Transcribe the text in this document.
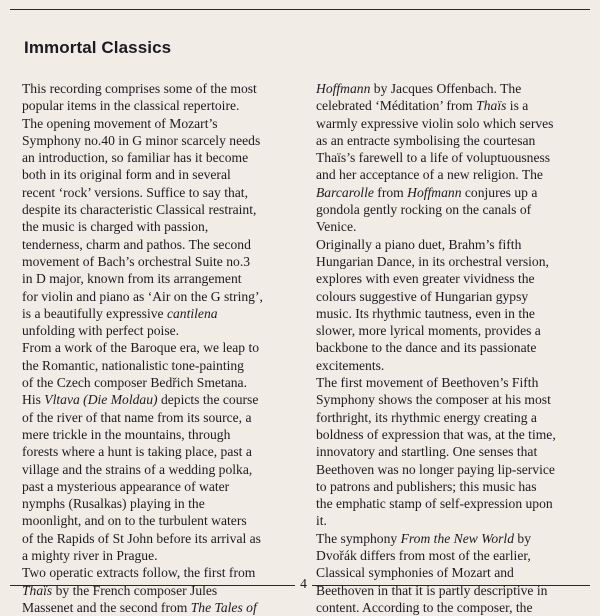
Immortal Classics
This recording comprises some of the most
popular items in the classical repertoire.
The opening movement of Mozart’s
Symphony no.40 in G minor scarcely needs
an introduction, so familiar has it become
both in its original form and in several
recent ‘rock’ versions. Suffice to say that,
despite its characteristic Classical restraint,
the music is charged with passion,
tenderness, charm and pathos. The second
movement of Bach’s orchestral Suite no.3
in D major, known from its arrangement
for violin and piano as ‘Air on the G string’,
is a beautifully expressive cantilena
unfolding with perfect poise.
From a work of the Baroque era, we leap to
the Romantic, nationalistic tone-painting
of the Czech composer Bedřich Smetana.
His Vltava (Die Moldau) depicts the course
of the river of that name from its source, a
mere trickle in the mountains, through
forests where a hunt is taking place, past a
village and the strains of a wedding polka,
past a mysterious appearance of water
nymphs (Rusalkas) playing in the
moonlight, and on to the turbulent waters
of the Rapids of St John before its arrival as
a mighty river in Prague.
Two operatic extracts follow, the first from
Thaïs by the French composer Jules
Massenet and the second from The Tales of
Hoffmann by Jacques Offenbach. The
celebrated ‘Méditation’ from Thaïs is a
warmly expressive violin solo which serves
as an entracte symbolising the courtesan
Thaïs’s farewell to a life of voluptuousness
and her acceptance of a new religion. The
Barcarolle from Hoffmann conjures up a
gondola gently rocking on the canals of
Venice.
Originally a piano duet, Brahm’s fifth
Hungarian Dance, in its orchestral version,
explores with even greater vividness the
colours suggestive of Hungarian gypsy
music. Its rhythmic tautness, even in the
slower, more lyrical moments, provides a
backbone to the dance and its passionate
excitements.
The first movement of Beethoven’s Fifth
Symphony shows the composer at his most
forthright, its rhythmic energy creating a
boldness of expression that was, at the time,
innovatory and startling. One senses that
Beethoven was no longer paying lip-service
to patrons and publishers; this music has
the emphatic stamp of self-expression upon
it.
The symphony From the New World by
Dvořák differs from most of the earlier,
Classical symphonies of Mozart and
Beethoven in that it is partly descriptive in
content. According to the composer, the
4
